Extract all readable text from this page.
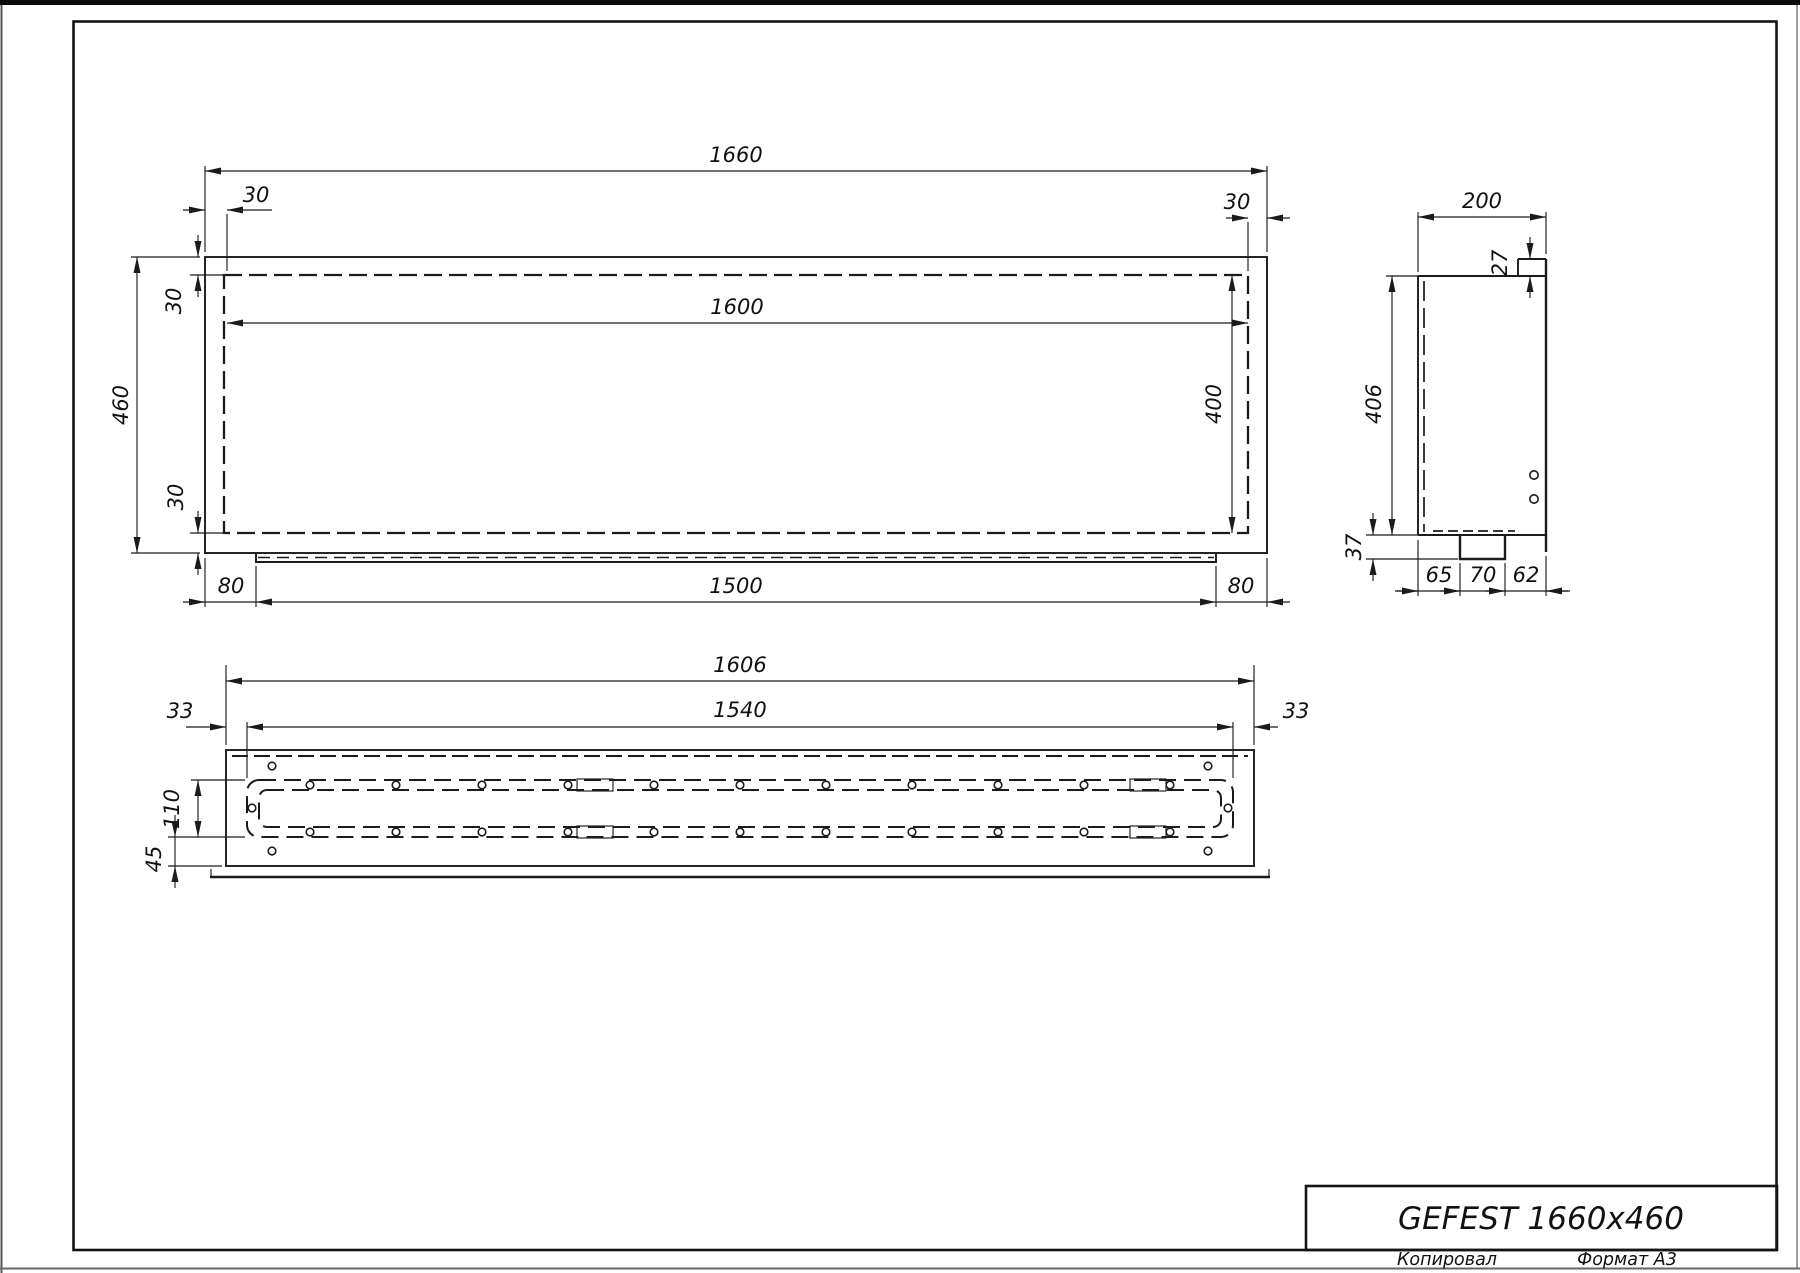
1660
1600
30	30
460
30
30
400
80	1500	80
200
27
406
37
65 70 62
1606
1540
33	33
110
45
GEFEST 1660x460
Копировал	Формат А3
